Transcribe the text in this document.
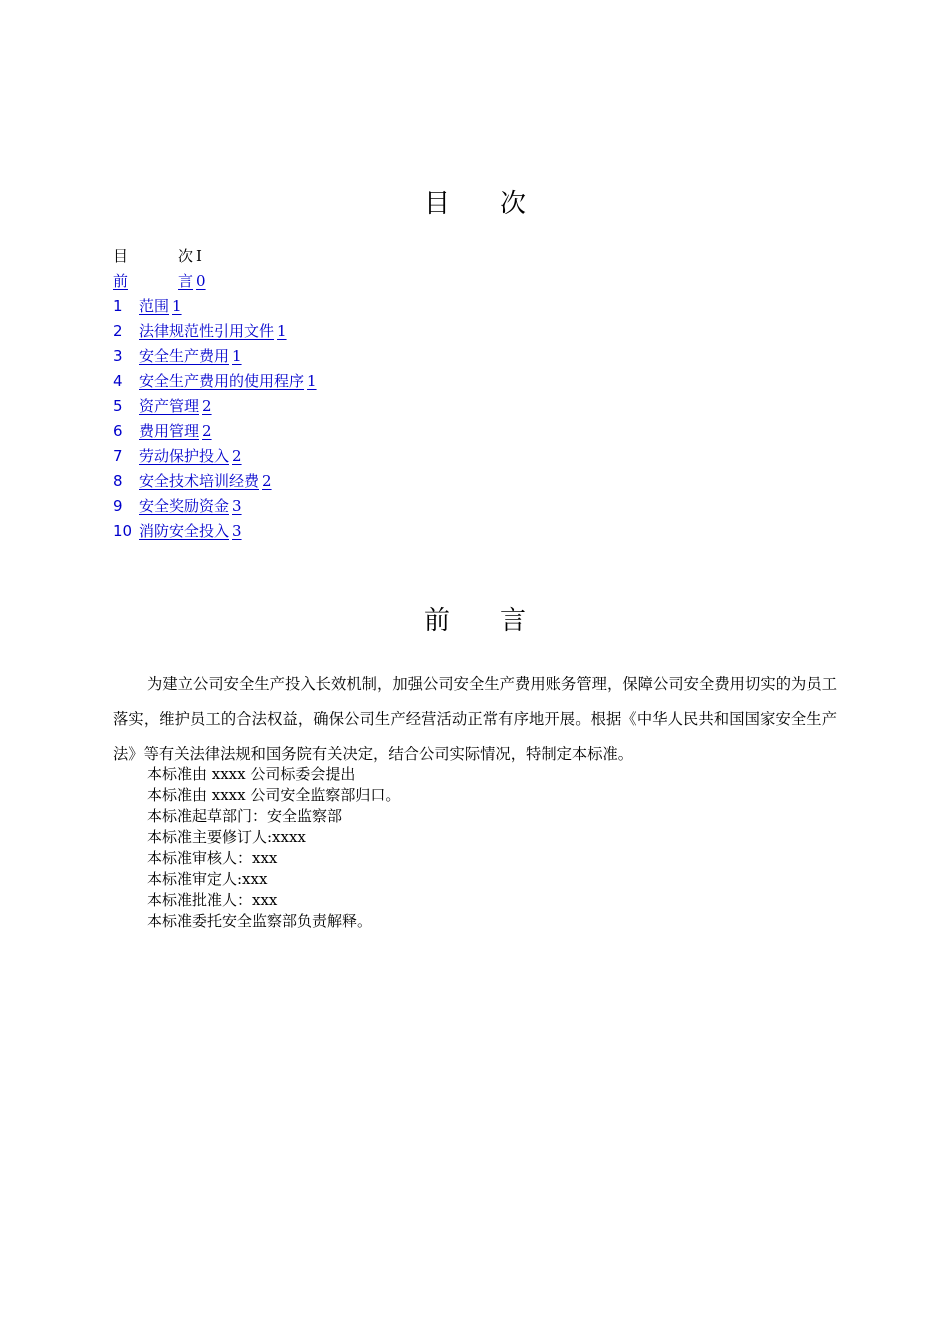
目 次
目	次 I
前	言 0
1 范围 1
2 法律规范性引用文件 1
3 安全生产费用 1
4 安全生产费用的使用程序 1
5 资产管理 2
6 费用管理 2
7 劳动保护投入 2
8 安全技术培训经费 2
9 安全奖励资金 3
10 消防安全投入 3
前 言

为建立公司安全生产投入长效机制，加强公司安全生产费用账务管理，保障公司安全费用切实的为员工落实，维护员工的合法权益，确保公司生产经营活动正常有序地开展。根据《中华人民共和国国家安全生产法》等有关法律法规和国务院有关决定，结合公司实际情况，特制定本标准。

本标准由 xxxx 公司标委会提出
本标准由 xxxx 公司安全监察部归口。
本标准起草部门：安全监察部
本标准主要修订人:xxxx
本标准审核人：xxx
本标准审定人:xxx
本标准批准人：xxx
本标准委托安全监察部负责解释。
